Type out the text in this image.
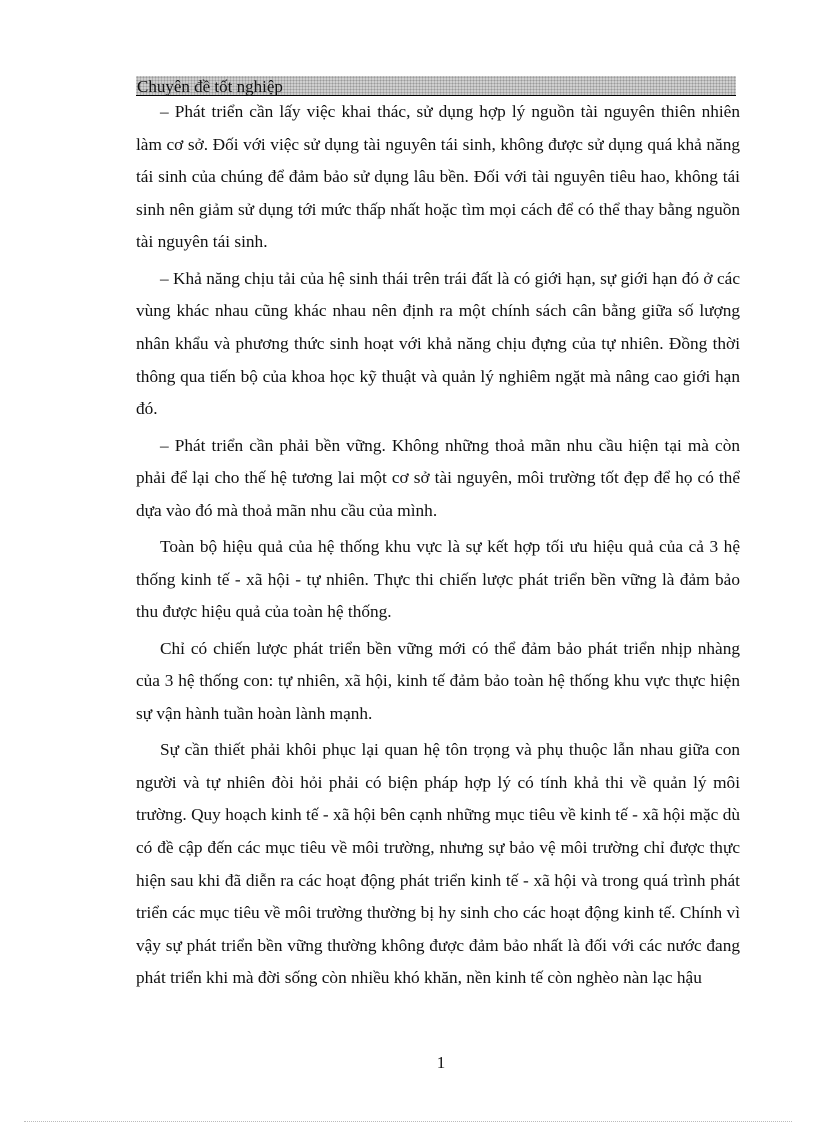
Chuyên đề tốt nghiệp

– Phát triển cần lấy việc khai thác, sử dụng hợp lý nguồn tài nguyên thiên nhiên làm cơ sở. Đối với việc sử dụng tài nguyên tái sinh, không được sử dụng quá khả năng tái sinh của chúng để đảm bảo sử dụng lâu bền. Đối với tài nguyên tiêu hao, không tái sinh nên giảm sử dụng tới mức thấp nhất hoặc tìm mọi cách để có thể thay bằng nguồn tài nguyên tái sinh.

– Khả năng chịu tải của hệ sinh thái trên trái đất là có giới hạn, sự giới hạn đó ở các vùng khác nhau cũng khác nhau nên định ra một chính sách cân bằng giữa số lượng nhân khẩu và phương thức sinh hoạt với khả năng chịu đựng của tự nhiên. Đồng thời thông qua tiến bộ của khoa học kỹ thuật và quản lý nghiêm ngặt mà nâng cao giới hạn đó.

– Phát triển cần phải bền vững. Không những thoả mãn nhu cầu hiện tại mà còn phải để lại cho thế hệ tương lai một cơ sở tài nguyên, môi trường tốt đẹp để họ có thể dựa vào đó mà thoả mãn nhu cầu của mình.

Toàn bộ hiệu quả của hệ thống khu vực là sự kết hợp tối ưu hiệu quả của cả 3 hệ thống kinh tế - xã hội - tự nhiên. Thực thi chiến lược phát triển bền vững là đảm bảo thu được hiệu quả của toàn hệ thống.

Chỉ có chiến lược phát triển bền vững mới có thể đảm bảo phát triển nhịp nhàng của 3 hệ thống con: tự nhiên, xã hội, kinh tế đảm bảo toàn hệ thống khu vực thực hiện sự vận hành tuần hoàn lành mạnh.

Sự cần thiết phải khôi phục lại quan hệ tôn trọng và phụ thuộc lẫn nhau giữa con người và tự nhiên đòi hỏi phải có biện pháp hợp lý có tính khả thi về quản lý môi trường. Quy hoạch kinh tế - xã hội bên cạnh những mục tiêu về kinh tế - xã hội mặc dù có đề cập đến các mục tiêu về môi trường, nhưng sự bảo vệ môi trường chỉ được thực hiện sau khi đã diễn ra các hoạt động phát triển kinh tế - xã hội và trong quá trình phát triển các mục tiêu về môi trường thường bị hy sinh cho các hoạt động kinh tế. Chính vì vậy sự phát triển bền vững thường không được đảm bảo nhất là đối với các nước đang phát triển khi mà đời sống còn nhiều khó khăn, nền kinh tế còn nghèo nàn lạc hậu

1
